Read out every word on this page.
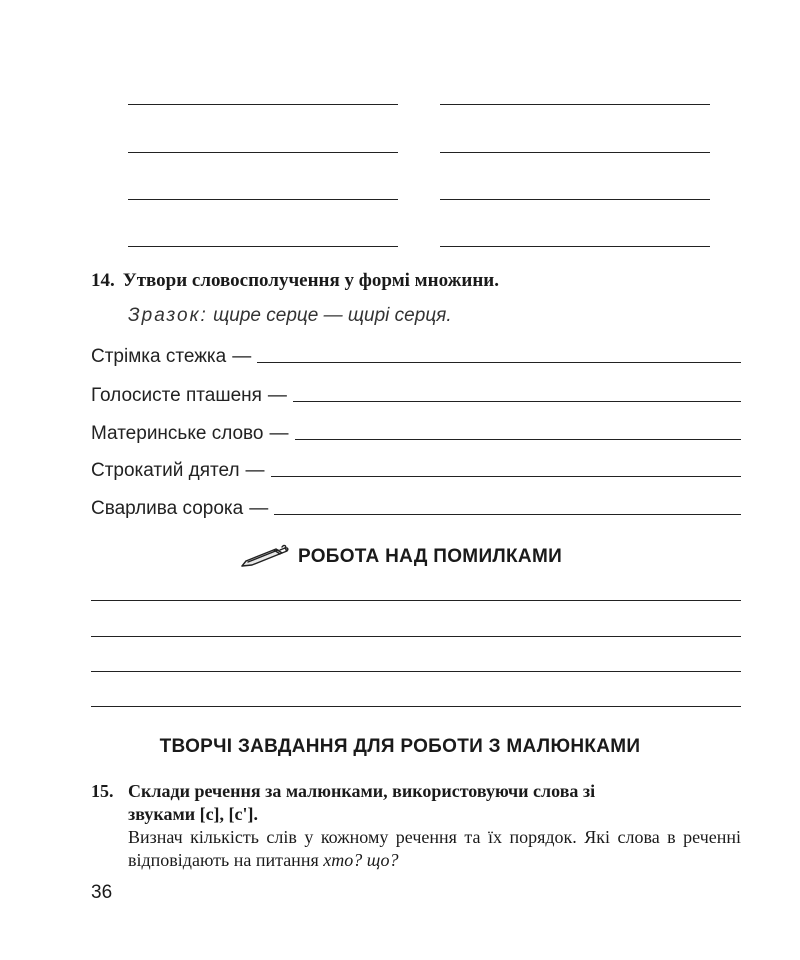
14. Утвори словосполучення у формі множини.
Зразок: щире серце — щирі серця.
Стрімка стежка —
Голосисте пташеня —
Материнське слово —
Строкатий дятел —
Сварлива сорока —
РОБОТА НАД ПОМИЛКАМИ
ТВОРЧІ ЗАВДАННЯ ДЛЯ РОБОТИ З МАЛЮНКАМИ
15. Склади речення за малюнками, використовуючи слова зі
звуками [с], [с'].
Визнач кількість слів у кожному речення та їх порядок. Які слова в реченні відповідають на питання хто? що?
36
